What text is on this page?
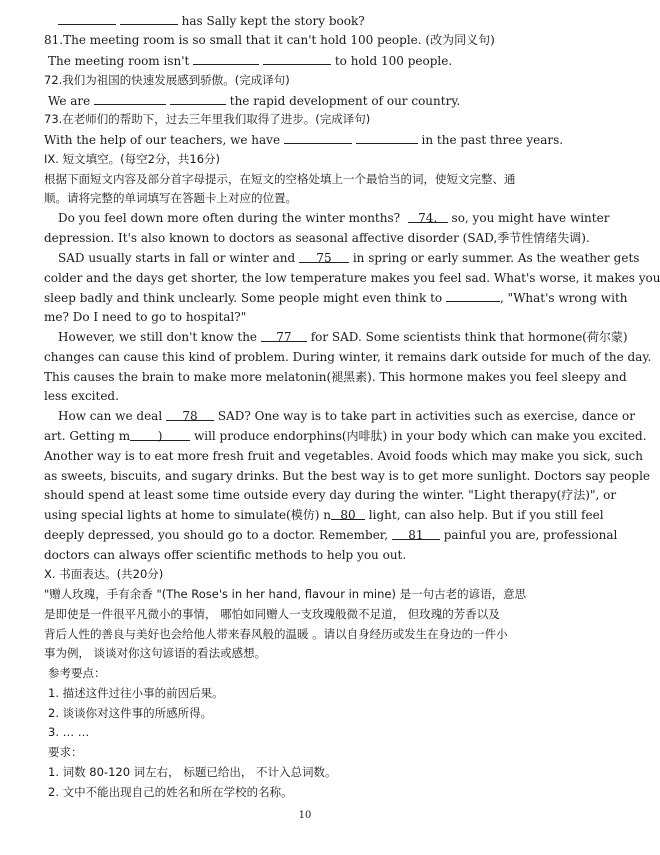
has Sally kept the story book?
81.The meeting room is so small that it can't hold 100 people. (改为同义句)
The meeting room isn't	to hold 100 people.
72.我们为祖国的快速发展感到骄傲。(完成译句)
We are	the rapid development of our country.
73.在老师们的帮助下，过去三年里我们取得了进步。(完成译句)
With the help of our teachers, we have	in the past three years.
IX. 短文填空。(每空2分，共16分)
根据下面短文内容及部分首字母提示，在短文的空格处填上一个最恰当的词，使短文完整、通
顺。请将完整的单词填写在答题卡上对应的位置。
Do you feel down more often during the winter months? 74. so, you might have winter
depression. It's also known to doctors as seasonal affective disorder (SAD,季节性情绪失调).
SAD usually starts in fall or winter and 75 in spring or early summer. As the weather gets
colder and the days get shorter, the low temperature makes you feel sad. What's worse, it makes you
sleep badly and think unclearly. Some people might even think to	, "What's wrong with
me? Do I need to go to hospital?"
However, we still don't know the 77 for SAD. Some scientists think that hormone(荷尔蒙)
changes can cause this kind of problem. During winter, it remains dark outside for much of the day.
This causes the brain to make more melatonin(褪黑素). This hormone makes you feel sleepy and
less excited.
How can we deal 78 SAD? One way is to take part in activities such as exercise, dance or
art. Getting m )	will produce endorphins(内啡肽) in your body which can make you excited.
Another way is to eat more fresh fruit and vegetables. Avoid foods which may make you sick, such
as sweets, biscuits, and sugary drinks. But the best way is to get more sunlight. Doctors say people
should spend at least some time outside every day during the winter. "Light therapy(疗法)", or
using special lights at home to simulate(模仿) n 80 light, can also help. But if you still feel
deeply depressed, you should go to a doctor. Remember, 81 painful you are, professional
doctors can always offer scientific methods to help you out.
X. 书面表达。(共20分)
"赠人玫瑰，手有余香 "(The Rose's in her hand, flavour in mine) 是一句古老的谚语，意思
是即使是一件很平凡微小的事情， 哪怕如同赠人一支玫瑰般微不足道， 但玫瑰的芳香以及
背后人性的善良与美好也会给他人带来春风般的温暖 。请以自身经历或发生在身边的一件小
事为例， 谈谈对你这句谚语的看法或感想。
参考要点：
1. 描述这件过往小事的前因后果。
2. 谈谈你对这件事的所感所得。
3. … …
要求：
1. 词数 80-120 词左右， 标题已给出， 不计入总词数。
2. 文中不能出现自己的姓名和所在学校的名称。
10
